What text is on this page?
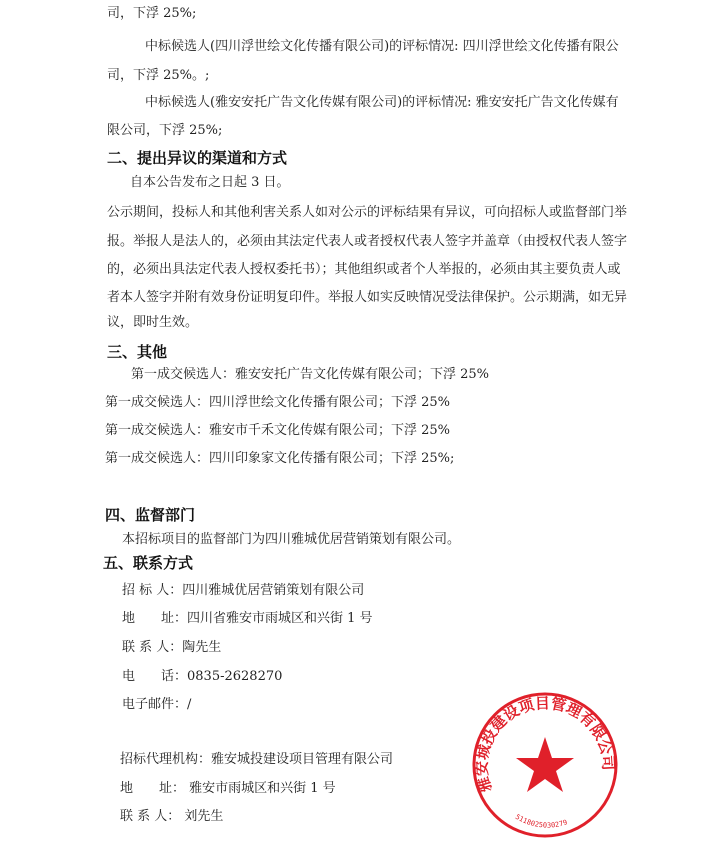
司，下浮 25%;
中标候选人(四川浮世绘文化传播有限公司)的评标情况: 四川浮世绘文化传播有限公
司，下浮 25%。;
中标候选人(雅安安托广告文化传媒有限公司)的评标情况: 雅安安托广告文化传媒有
限公司，下浮 25%;
二、提出异议的渠道和方式
自本公告发布之日起 3 日。
公示期间，投标人和其他利害关系人如对公示的评标结果有异议，可向招标人或监督部门举
报。举报人是法人的，必须由其法定代表人或者授权代表人签字并盖章（由授权代表人签字
的，必须出具法定代表人授权委托书）；其他组织或者个人举报的，必须由其主要负责人或
者本人签字并附有效身份证明复印件。举报人如实反映情况受法律保护。公示期满，如无异
议，即时生效。
三、其他
第一成交候选人：雅安安托广告文化传媒有限公司；下浮 25%
第一成交候选人：四川浮世绘文化传播有限公司；下浮 25%
第一成交候选人：雅安市千禾文化传媒有限公司；下浮 25%
第一成交候选人：四川印象家文化传播有限公司；下浮 25%;
四、监督部门
本招标项目的监督部门为四川雅城优居营销策划有限公司。
五、联系方式
招 标 人：四川雅城优居营销策划有限公司
地　　址：四川省雅安市雨城区和兴街 1 号
联 系 人：陶先生
电　　话：0835-2628270
电子邮件：/
招标代理机构：雅安城投建设项目管理有限公司
地　　址： 雅安市雨城区和兴街 1 号
联 系 人： 刘先生
雅安城投建设项目管理有限公司
5118025030279
